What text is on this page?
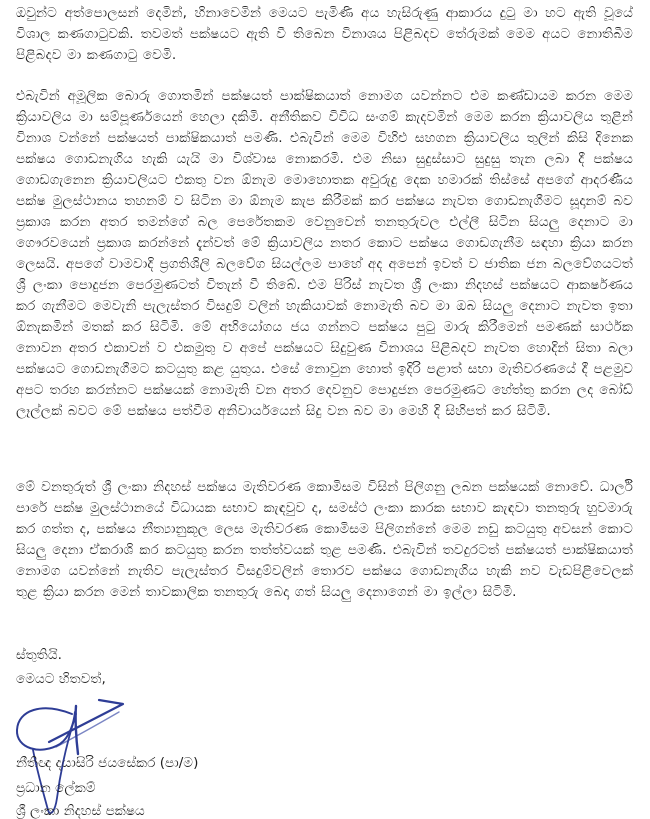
ඔවුන්ට අත්පොලසන් දෙමින්, හිනාවෙමින් මෙයට පැමිණි අය හැසිරුණු ආකාරය දුටු මා හට ඇති වූයේ විශාල කණගාටුවකි. තවමත් පක්ෂයට ඇති වී තිබෙන විනාශය පිළිබදව තේරුමක් මෙම අයට නොතිබීම පිළිබදව මා කණගාටු වෙමි.
එබැවින් අමූලික බොරු ගොතමින් පක්ෂයත් පාක්ෂිකයාත් නොමග යවන්නට එම කණ්ඩායම කරන මෙම ක්‍රියාවලිය මා සම්පූර්ණයෙන් හෙලා දකිමි. අනීතිකව විවිධ සංගම් කැදවමින් මෙම කරන ක්‍රියාවලිය තුළින් විනාශ වන්නේ පක්ෂයත් පාක්ෂිකයාත් පමණි. එබැවින් මෙම විහිළු සහගන ක්‍රියාවලිය තුලින් කිසි දිනෙක පක්ෂය ගොඩනැගිය හැකි යැයි මා විශ්වාස නොකරමි. එම නිසා සුදුස්සාට සුදුසු තැන ලබා දී පක්ෂය ගොඩගැනෙන ක්‍රියාවලියට එකතු වන ඕනැම මොහොතක අවුරුදු දෙක හමාරක් තිස්සේ අපගේ ආදරණීය පක්ෂ මුලස්ථානය තහනම් ව සිටින මා ඕනැම කැප කිරීමක් කර පක්ෂය නැවත ගොඩනැගීමට සූදානම් බව ප්‍රකාශ කරන අතර තමන්ගේ බල පෙරේතකම වෙනුවෙන් තනතුරුවල එල්ලී සිටින සියලු දෙනාට මා ගෞරවයෙන් ප්‍රකාශ කරන්නේ දැන්වත් මේ ක්‍රියාවලිය නතර කොට පක්ෂය ගොඩගැනීම සඳහා ක්‍රියා කරන ලෙසයි. අපගේ වාමවාදි ප්‍රගතිශිලි බලවේග සියල්ලම පාහේ අද අපෙන් ඉවත් ව ජාතික ජන බලවේගයටත් ශ්‍රී ලංකා පොදුජන පෙරමුණටත් විතැන් වී තිබේ. එම පිරිස් නැවත ශ්‍රී ලංකා නිදහස් පක්ෂයට ආකර්ෂණය කර ගැනීමට මෙවැනි පැලැස්තර විසදුම් වලින් හැකියාවක් නොමැති බව මා ඔබ සියලු දෙනාට නැවත ඉතා ඕනැකමින් මතක් කර සිටිමි. මේ අභියෝගය ජය ගන්නට පක්ෂය පුටු මාරු කිරීමෙන් පමණක් සාර්ථක නොවන අතර එකාවන් ව එකමුතු ව අපේ පක්ෂයට සිදුවුණ විනාශය පිළිබදව නැවත හොදින් සිතා බලා පක්ෂයට ගොඩනැගීමට කටයුතු කළ යුතුය. එසේ නොවුන හොත් ඉදිරි පළාත් සභා මැතිවරණයේ දී පළමුව අපට තරහ කරන්නට පක්ෂයක් නොමැති වන අතර දෙවනුව පොදුජන පෙරමුණට හේත්තු කරන ලද බෝඩ් ලෑල්ලක් බවට මේ පක්ෂය පත්වීම අනිවාර්යයෙන් සිදු වන බව මා මෙහි දි සිහිපත් කර සිටිමි.
මේ වනතුරුත් ශ්‍රී ලංකා නිදහස් පක්ෂය මැතිවරණ කොමිසම විසින් පිලිගනු ලබන පක්ෂයක් නොවේ. ධාර්ලි පාරේ පක්ෂ මුලස්ථානයේ විධායක සභාව කැඳවුව ද, සමස්ථ ලංකා කාරක සභාව කැඳවා තනතුරු හුවමාරු කර ගත්ත ද, පක්ෂය නීත්‍යානුකූල ලෙස මැතිවරණ කොමිසම පිලිගන්නේ මෙම නඩු කටයුතු අවසන් කොට සියලු දෙනා ඒකරාශි කර කටයුතු කරන තත්ත්වයක් තුළ පමණි. එබැවින් තවදුරටත් පක්ෂයත් පාක්ෂිකයාත් නොමග යවන්නේ නැතිව පැලැස්තර විසදුම්වලින් තොරව පක්ෂය ගොඩනැගිය හැකි නව වැඩපිළිවෙලක් තුළ ක්‍රියා කරන මෙන් තාවකාලික තනතුරු බෙදා ගත් සියලු දෙනාගෙන් මා ඉල්ලා සිටිමි.
ස්තුතියි.
මෙයට හිතවත්,
නීතිඥ දයාසිරි ජයසේකර (පා/ම)
ප්‍රධාන ලේකම්
ශ්‍රී ලංකා නිදහස් පක්ෂය
